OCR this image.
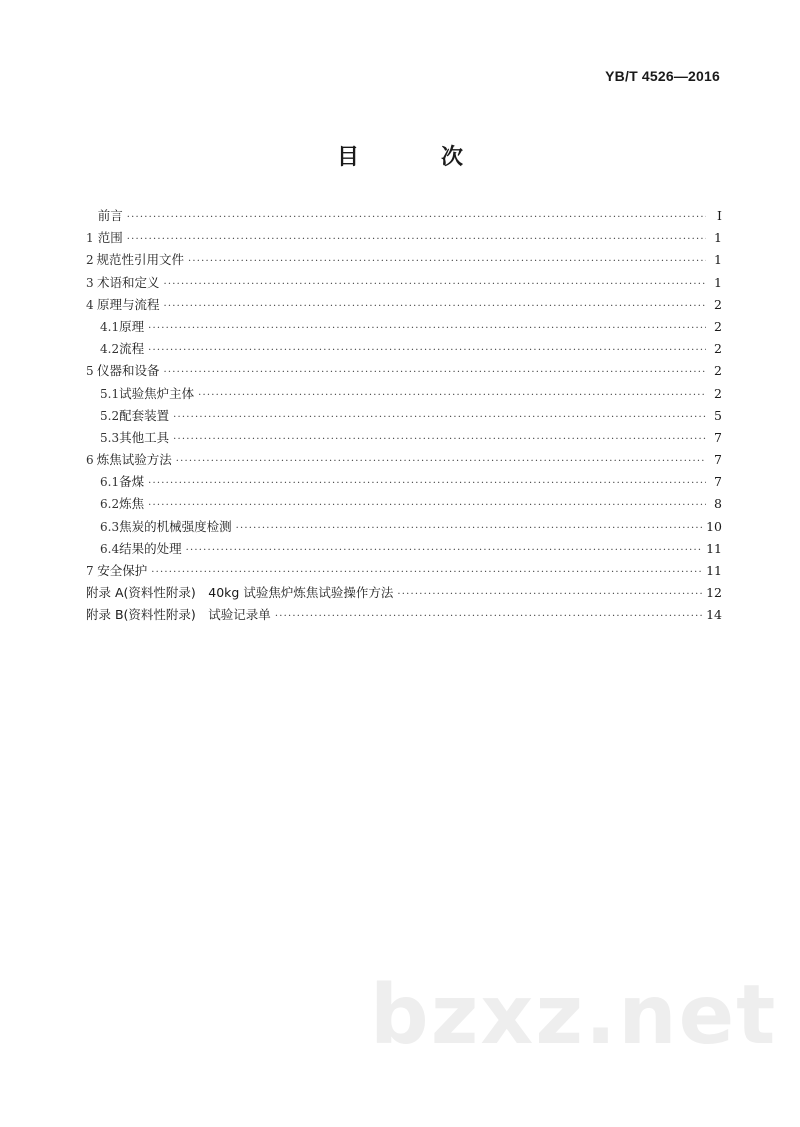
YB/T 4526—2016
目　次
前言 ·····	I
1 范围 ·····	1
2 规范性引用文件 ·····	1
3 术语和定义 ·····	1
4 原理与流程 ·····	2
4.1 原理 ·····	2
4.2 流程 ·····	2
5 仪器和设备 ·····	2
5.1 试验焦炉主体 ·····	2
5.2 配套装置 ·····	5
5.3 其他工具 ·····	7
6 炼焦试验方法 ·····	7
6.1 备煤 ·····	7
6.2 炼焦 ·····	8
6.3 焦炭的机械强度检测 ·····	10
6.4 结果的处理 ·····	11
7 安全保护 ·····	11
附录 A(资料性附录)　40kg 试验焦炉炼焦试验操作方法 ·····	12
附录 B(资料性附录)　试验记录单 ·····	14
bzxz.net
